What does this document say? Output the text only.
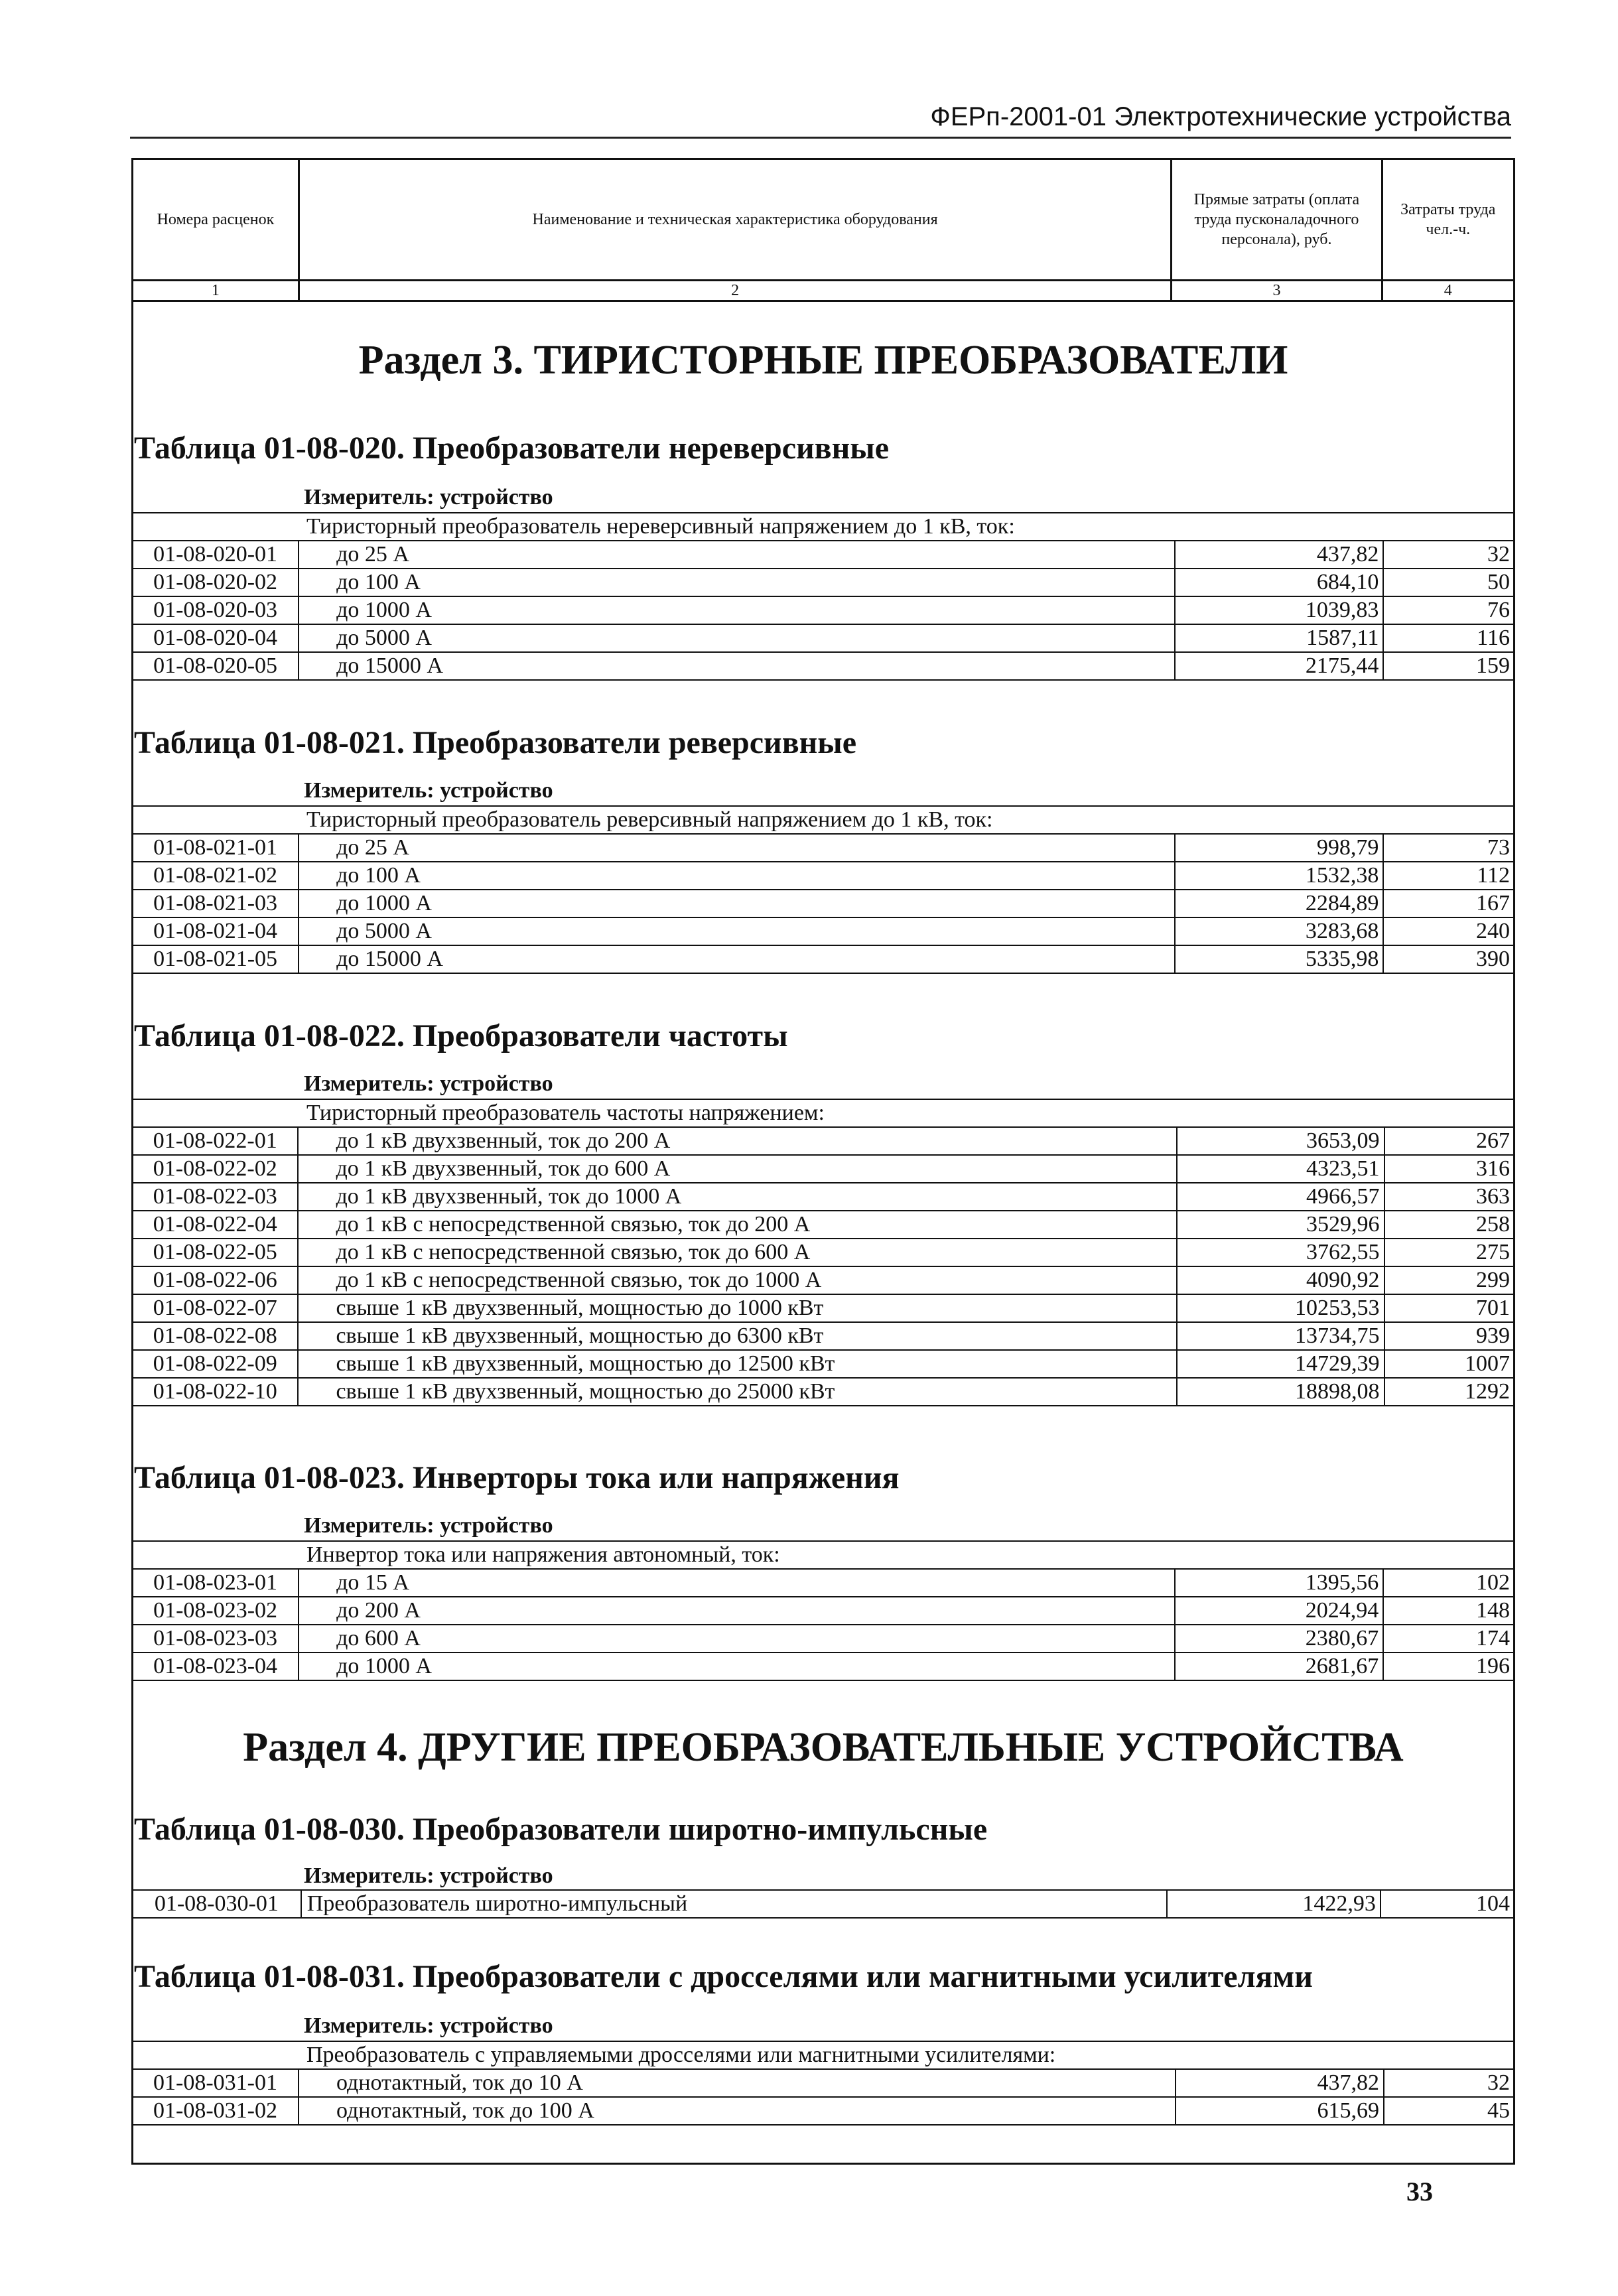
ФЕРп-2001-01 Электротехнические устройства
Номера расценок	Наименование и техническая характеристика оборудования	Прямые затраты (оплата труда пусконаладочного персонала), руб.	Затраты труда чел.-ч.
1	2	3	4
Раздел 3. ТИРИСТОРНЫЕ ПРЕОБРАЗОВАТЕЛИ
Таблица 01-08-020. Преобразователи нереверсивные
Измеритель: устройство
Тиристорный преобразователь нереверсивный напряжением до 1 кВ, ток:			
01-08-020-01	до 25 А	437,82	32
01-08-020-02	до 100 А	684,10	50
01-08-020-03	до 1000 А	1039,83	76
01-08-020-04	до 5000 А	1587,11	116
01-08-020-05	до 15000 А	2175,44	159
Таблица 01-08-021. Преобразователи реверсивные
Измеритель: устройство
Тиристорный преобразователь реверсивный напряжением до 1 кВ, ток:			
01-08-021-01	до 25 А	998,79	73
01-08-021-02	до 100 А	1532,38	112
01-08-021-03	до 1000 А	2284,89	167
01-08-021-04	до 5000 А	3283,68	240
01-08-021-05	до 15000 А	5335,98	390
Таблица 01-08-022. Преобразователи частоты
Измеритель: устройство
Тиристорный преобразователь частоты напряжением:			
01-08-022-01	до 1 кВ двухзвенный, ток до 200 А	3653,09	267
01-08-022-02	до 1 кВ двухзвенный, ток до 600 А	4323,51	316
01-08-022-03	до 1 кВ двухзвенный, ток до 1000 А	4966,57	363
01-08-022-04	до 1 кВ с непосредственной связью, ток до 200 А	3529,96	258
01-08-022-05	до 1 кВ с непосредственной связью, ток до 600 А	3762,55	275
01-08-022-06	до 1 кВ с непосредственной связью, ток до 1000 А	4090,92	299
01-08-022-07	свыше 1 кВ двухзвенный, мощностью до 1000 кВт	10253,53	701
01-08-022-08	свыше 1 кВ двухзвенный, мощностью до 6300 кВт	13734,75	939
01-08-022-09	свыше 1 кВ двухзвенный, мощностью до 12500 кВт	14729,39	1007
01-08-022-10	свыше 1 кВ двухзвенный, мощностью до 25000 кВт	18898,08	1292
Таблица 01-08-023. Инверторы тока или напряжения
Измеритель: устройство
Инвертор тока или напряжения автономный, ток:			
01-08-023-01	до 15 А	1395,56	102
01-08-023-02	до 200 А	2024,94	148
01-08-023-03	до 600 А	2380,67	174
01-08-023-04	до 1000 А	2681,67	196
Раздел 4. ДРУГИЕ ПРЕОБРАЗОВАТЕЛЬНЫЕ УСТРОЙСТВА
Таблица 01-08-030. Преобразователи широтно-импульсные
Измеритель: устройство
01-08-030-01	Преобразователь широтно-импульсный	1422,93	104
Таблица 01-08-031. Преобразователи с дросселями или магнитными усилителями
Измеритель: устройство
Преобразователь с управляемыми дросселями или магнитными усилителями:			
01-08-031-01	однотактный, ток до 10 А	437,82	32
01-08-031-02	однотактный, ток до 100 А	615,69	45
33
